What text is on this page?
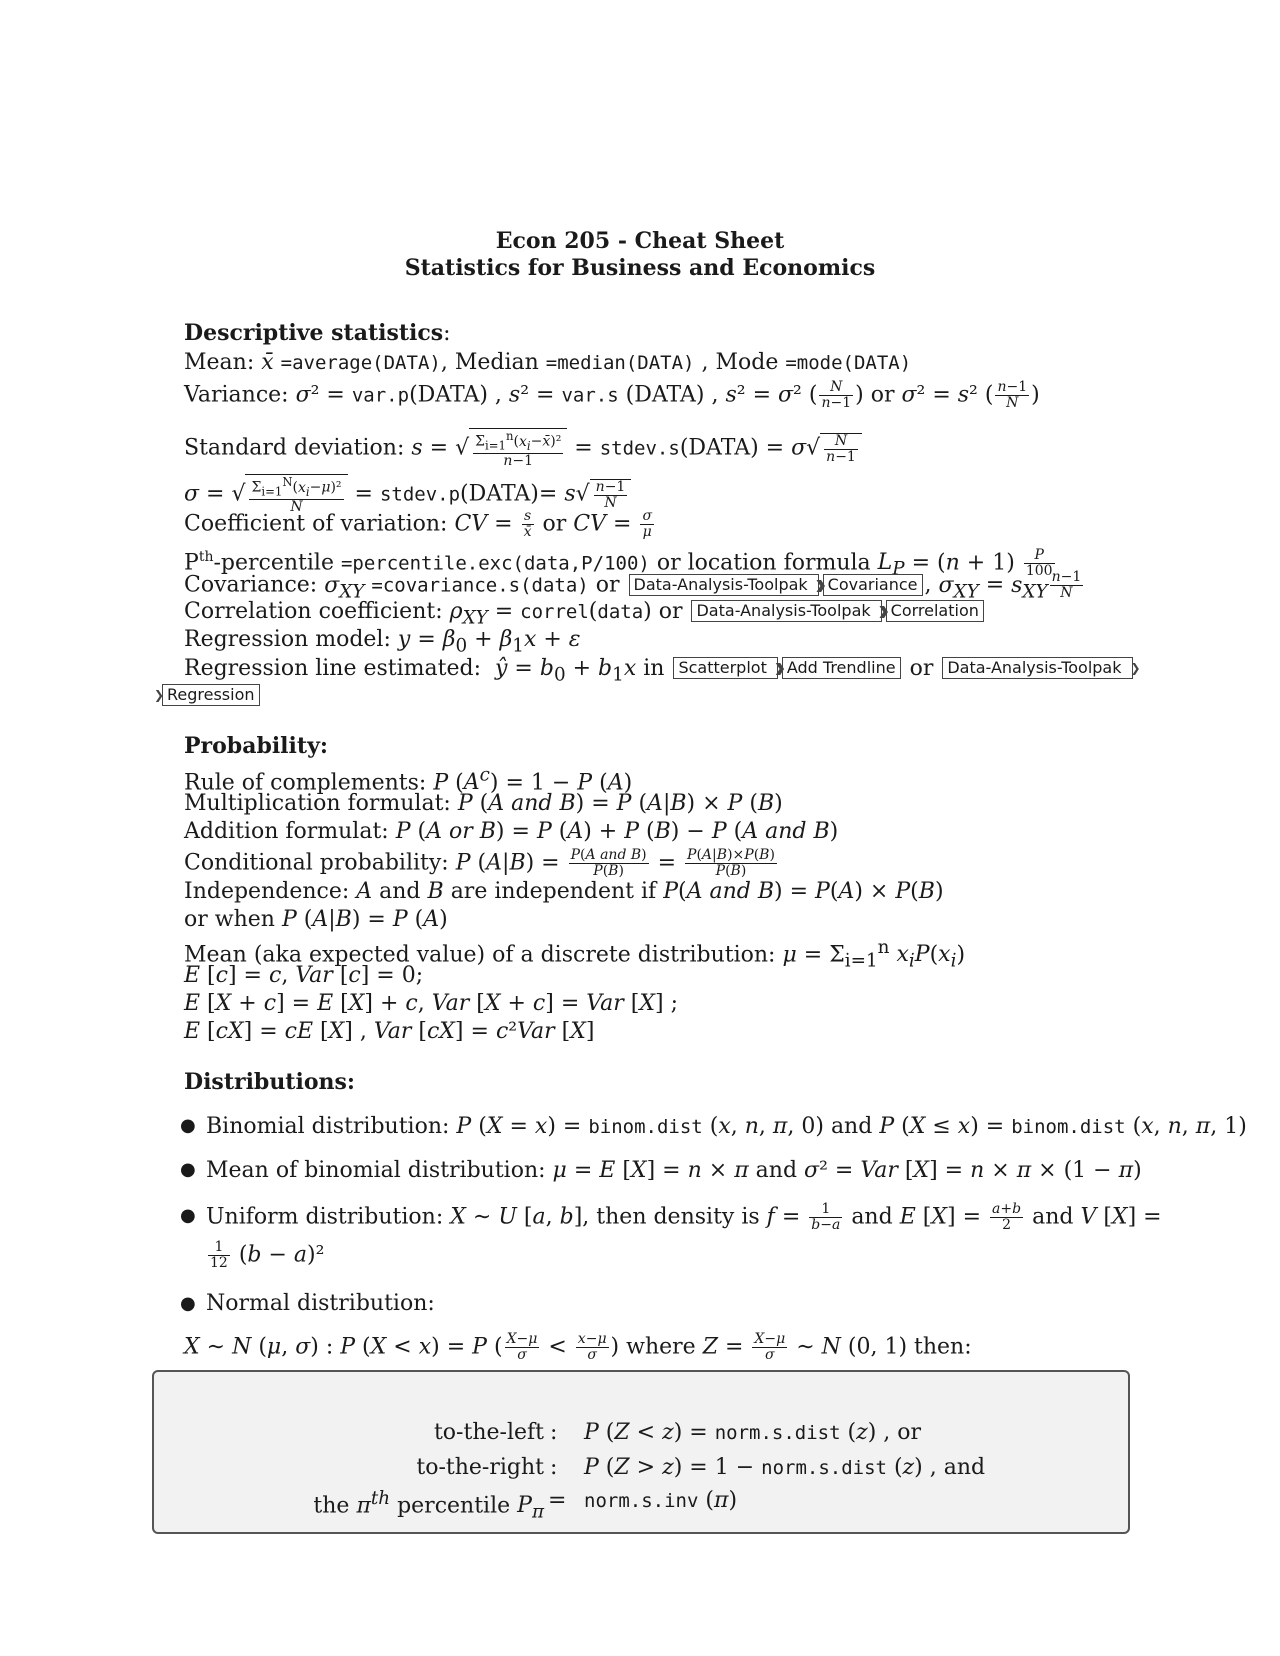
Econ 205 - Cheat Sheet
Statistics for Business and Economics
Descriptive statistics:
Mean: x̄ =average(DATA), Median =median(DATA) , Mode =mode(DATA)
Variance: σ² = var.p(DATA) , s² = var.s (DATA) , s² = σ² ( $\frac{N}{n-1}$ ) or σ² = s² ( $\frac{n-1}{N}$ )
Standard deviation: s = √ $\frac{\Sigma_{i=1}^n(x_i-x̄)^2}{n-1}$ = stdev.s(DATA) = $\sigma√ \frac{N}{n-1}$
σ = √ $\frac{\Sigma_{i=1}^N(x_i-\mu)^2}{N}$ = stdev.p(DATA)= $s√ \frac{n-1}{N}$
Coefficient of variation: CV = $\frac{s}{x̄}$ or CV = $\frac{\sigma}{\mu}$
$P^{th}$-percentile =percentile.exc(data,P/100) or location formula $L_P = (n + 1) \frac{P}{100}$
Covariance: $\sigma_{XY}$ =covariance.s(data) or Data-Analysis-Toolpak ❯ ❯ Covariance , $\sigma_{XY} = s_{XY} \frac{n-1}{N}$
Correlation coefficient: $\rho_{XY}$ = correl(data) or Data-Analysis-Toolpak ❯ ❯ Correlation
Regression model: $y = \beta_0 + \beta_1x + \varepsilon$
Regression line estimated: ŷ = $b_0 + b_1x$ in Scatterplot ❯ ❯ Add Trendline or Data-Analysis-Toolpak ❯
❯ Regression
Probability:
Rule of complements: P $(A^c) = 1 - P$ (A)
Multiplication formulat: P (A and B) = P (A|B) × P (B)
Addition formulat: P (A or B) = P (A) + P (B) − P (A and B)
Conditional probability: P $(A|B) = \frac{\text{P(A and B)}}{P(B)} = \frac{P(A|B)\times P(B)}{P(B)}$
Independence: A and B are independent if P(A and B) = P(A) × P(B)
or when P (A|B) = P (A)
Mean (aka expected value) of a discrete distribution: $\mu = \Sigma_{i=1}^n$ $x_iP(x_i)$
E [c] = c, Var [c] = 0;
E [X + c] = E [X] + c, Var [X + c] = Var [X] ;
E [cX] = cE [X] , Var [cX] = c²Var [X]
Distributions:
● Binomial distribution: P (X = x) = binom.dist (x, n, π, 0) and P (X ≤ x) = binom.dist (x, n, π, 1)
● Mean of binomial distribution: μ = E [X] = n × π and σ² = Var [X] = n × π × (1 − π)
● Uniform distribution: X ∼ U [a, b], then density is $f = \frac{1}{b-a}$ and E $[X] = \frac{a+b}{2}$ and V [X] =
$\frac{1}{12} (b - a)^2$
● Normal distribution:
X ∼ N (μ, σ) : P (X < x) = P ( $\frac{X-\mu}{\sigma} < \frac{x-\mu}{\sigma}$ ) where $Z = \frac{X-\mu}{\sigma}$ ∼ N (0, 1) then:
to-the-left : P (Z < z) = norm.s.dist (z) , or
to-the-right : P (Z > z) = 1 − norm.s.dist (z) , and
the $\pi^{th}$ percentile $P_\pi$ = norm.s.inv (π)
